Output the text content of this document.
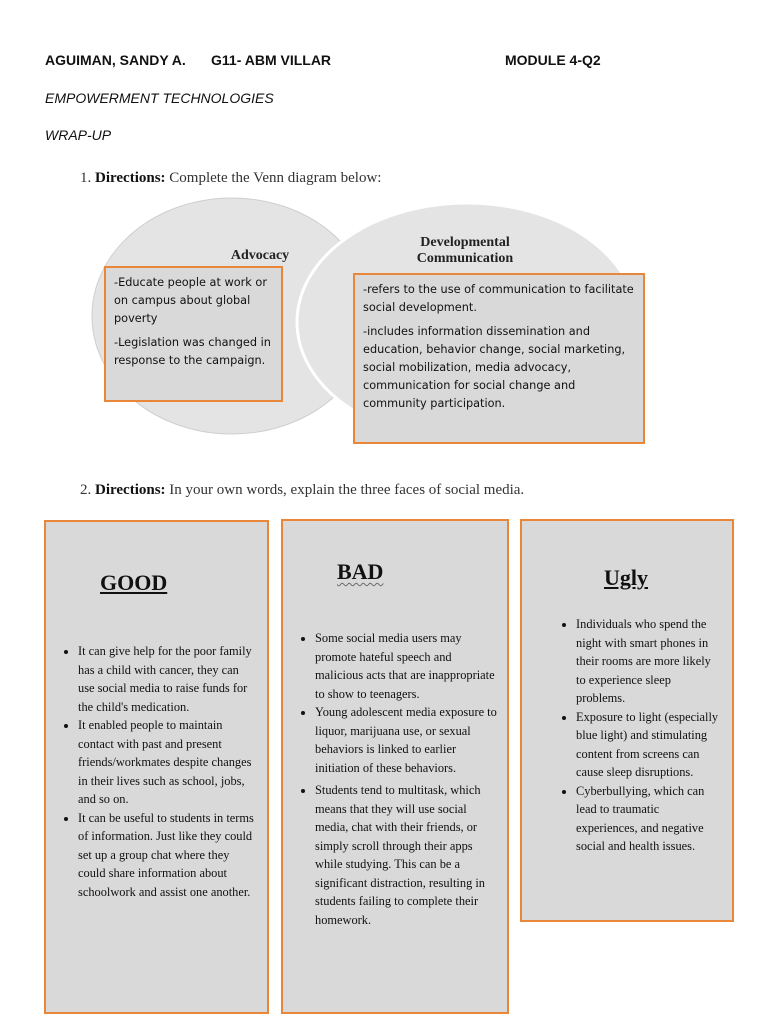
AGUIMAN, SANDY A. G11- ABM VILLAR	MODULE 4-Q2
EMPOWERMENT TECHNOLOGIES
WRAP-UP
1. Directions: Complete the Venn diagram below:
Advocacy
Developmental
Communication

-Educate people at work or on campus about global poverty

-Legislation was changed in response to the campaign.

-refers to the use of communication to facilitate social development.

-includes information dissemination and education, behavior change, social marketing, social mobilization, media advocacy, communication for social change and community participation.

2. Directions: In your own words, explain the three faces of social media.
GOOD
• It can give help for the poor family has a child with cancer, they can use social media to raise funds for the child's medication.
• It enabled people to maintain contact with past and present friends/workmates despite changes in their lives such as school, jobs, and so on.
• It can be useful to students in terms of information. Just like they could set up a group chat where they could share information about schoolwork and assist one another.
BAD
• Some social media users may promote hateful speech and malicious acts that are inappropriate to show to teenagers.
• Young adolescent media exposure to liquor, marijuana use, or sexual behaviors is linked to earlier initiation of these behaviors.
• Students tend to multitask, which means that they will use social media, chat with their friends, or simply scroll through their apps while studying. This can be a significant distraction, resulting in students failing to complete their homework.
Ugly
• Individuals who spend the night with smart phones in their rooms are more likely to experience sleep problems.
• Exposure to light (especially blue light) and stimulating content from screens can cause sleep disruptions.
• Cyberbullying, which can lead to traumatic experiences, and negative social and health issues.
